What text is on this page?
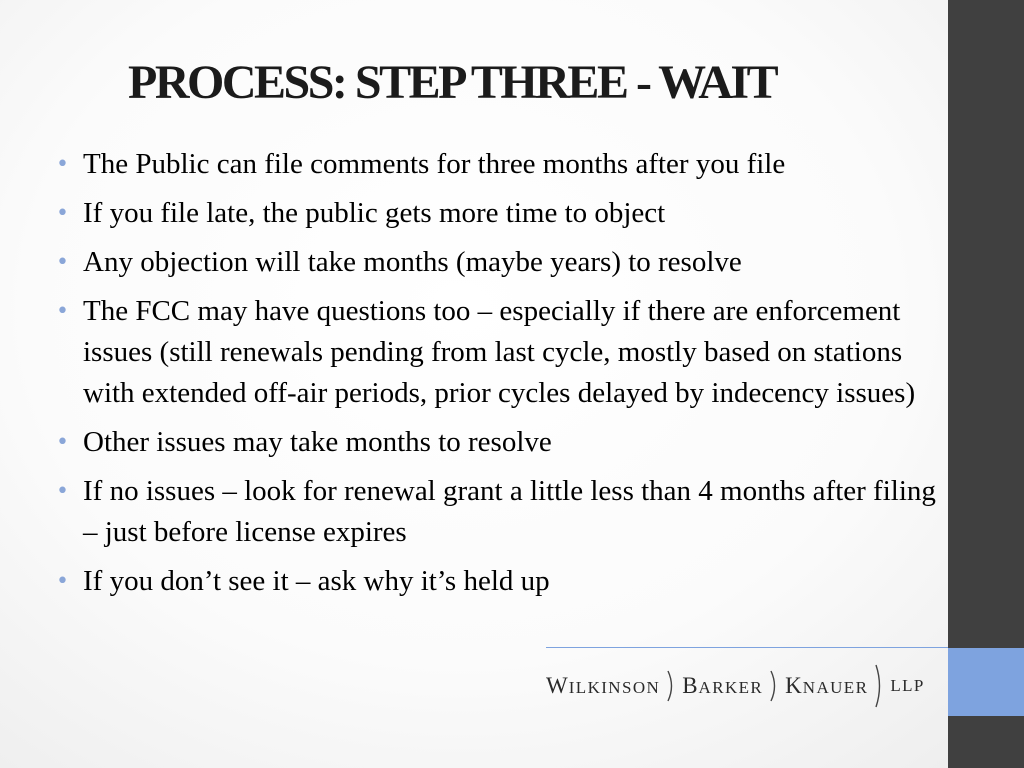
PROCESS: STEP THREE - WAIT
• The Public can file comments for three months after you file
• If you file late, the public gets more time to object
• Any objection will take months (maybe years) to resolve
• The FCC may have questions too – especially if there are enforcement issues (still renewals pending from last cycle, mostly based on stations with extended off-air periods, prior cycles delayed by indecency issues)
• Other issues may take months to resolve
• If no issues – look for renewal grant a little less than 4 months after filing – just before license expires
• If you don’t see it – ask why it’s held up
WILKINSON BARKER KNAUER LLP
